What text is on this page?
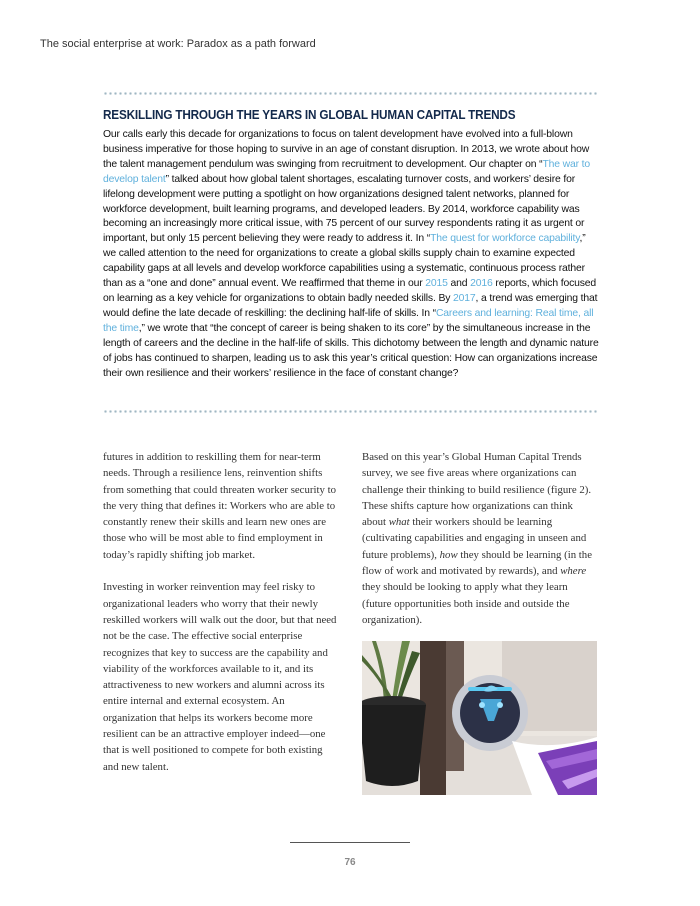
The social enterprise at work: Paradox as a path forward
RESKILLING THROUGH THE YEARS IN GLOBAL HUMAN CAPITAL TRENDS

Our calls early this decade for organizations to focus on talent development have evolved into a full-blown business imperative for those hoping to survive in an age of constant disruption. In 2013, we wrote about how the talent management pendulum was swinging from recruitment to development. Our chapter on “The war to develop talent” talked about how global talent shortages, escalating turnover costs, and workers’ desire for lifelong development were putting a spotlight on how organizations designed talent networks, planned for workforce development, built learning programs, and developed leaders. By 2014, workforce capability was becoming an increasingly more critical issue, with 75 percent of our survey respondents rating it as urgent or important, but only 15 percent believing they were ready to address it. In “The quest for workforce capability,” we called attention to the need for organizations to create a global skills supply chain to examine expected capability gaps at all levels and develop workforce capabilities using a systematic, continuous process rather than as a “one and done” annual event. We reaffirmed that theme in our 2015 and 2016 reports, which focused on learning as a key vehicle for organizations to obtain badly needed skills. By 2017, a trend was emerging that would define the late decade of reskilling: the declining half-life of skills. In “Careers and learning: Real time, all the time,” we wrote that “the concept of career is being shaken to its core” by the simultaneous increase in the length of careers and the decline in the half-life of skills. This dichotomy between the length and dynamic nature of jobs has continued to sharpen, leading us to ask this year’s critical question: How can organizations increase their own resilience and their workers’ resilience in the face of constant change?

futures in addition to reskilling them for near-term needs. Through a resilience lens, reinvention shifts from something that could threaten worker security to the very thing that defines it: Workers who are able to constantly renew their skills and learn new ones are those who will be most able to find employment in today’s rapidly shifting job market.

Investing in worker reinvention may feel risky to organizational leaders who worry that their newly reskilled workers will walk out the door, but that need not be the case. The effective social enterprise recognizes that key to success are the capability and viability of the workforces available to it, and its attractiveness to new workers and alumni across its entire internal and external ecosystem. An organization that helps its workers become more resilient can be an attractive employer indeed—one that is well positioned to compete for both existing and new talent.

Based on this year’s Global Human Capital Trends survey, we see five areas where organizations can challenge their thinking to build resilience (figure 2). These shifts capture how organizations can think about what their workers should be learning (cultivating capabilities and engaging in unseen and future problems), how they should be learning (in the flow of work and motivated by rewards), and where they should be looking to apply what they learn (future opportunities both inside and outside the organization).

76
